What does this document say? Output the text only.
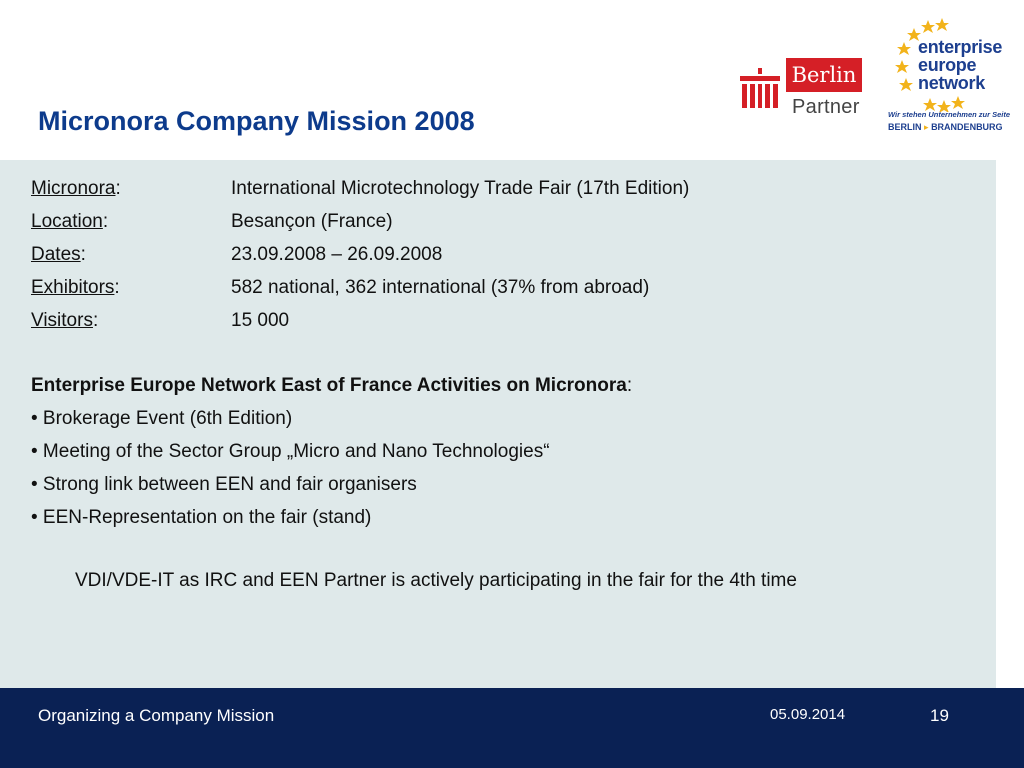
Micronora Company Mission 2008
Berlin
Partner
enterprise
europe
network
Wir stehen Unternehmen zur Seite
BERLIN ▸ BRANDENBURG
Micronora:	International Microtechnology Trade Fair (17th Edition)
Location:	Besançon (France)
Dates:	23.09.2008 – 26.09.2008
Exhibitors:	582 national, 362 international (37% from abroad)
Visitors:	15 000
Enterprise Europe Network East of France Activities on Micronora:
• Brokerage Event (6th Edition)
• Meeting of the Sector Group „Micro and Nano Technologies“
• Strong link between EEN and fair organisers
• EEN-Representation on the fair (stand)
VDI/VDE-IT as IRC and EEN Partner is actively participating in the fair for the 4th time
Organizing a Company Mission	05.09.2014	19
